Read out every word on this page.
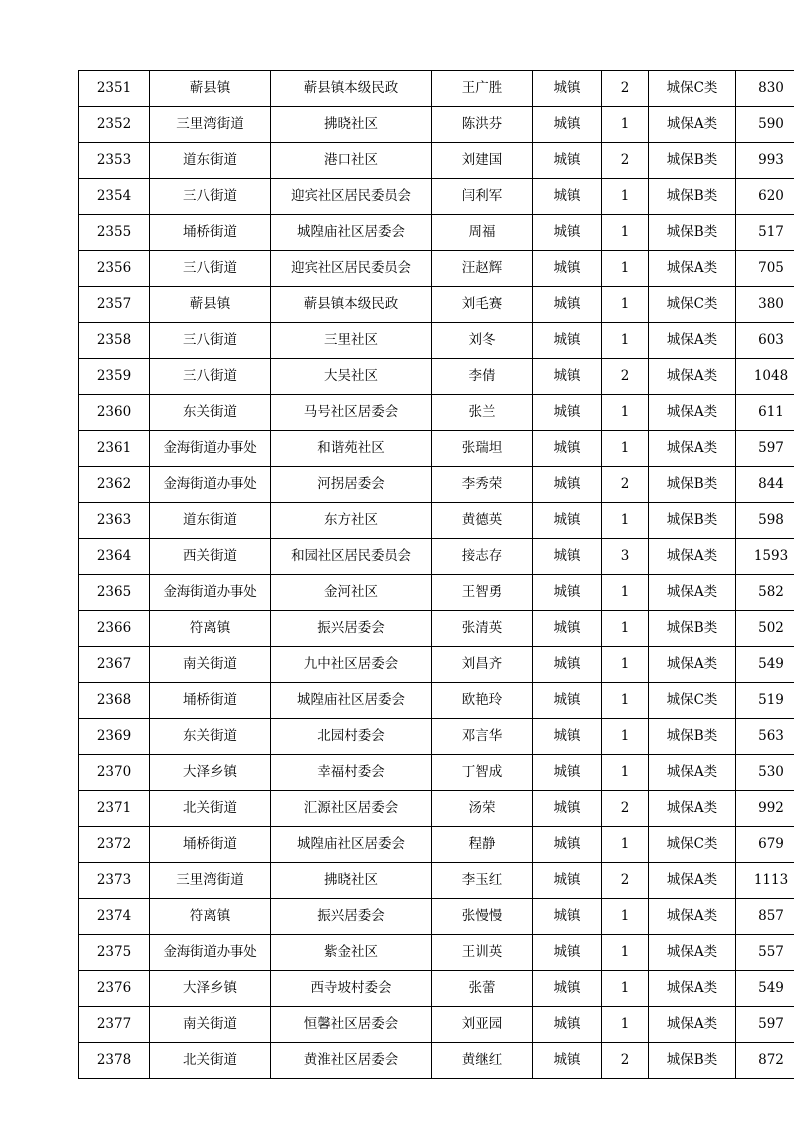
2351	蕲县镇	蕲县镇本级民政	王广胜	城镇	2	城保C类	830
2352	三里湾街道	拂晓社区	陈洪芬	城镇	1	城保A类	590
2353	道东街道	港口社区	刘建国	城镇	2	城保B类	993
2354	三八街道	迎宾社区居民委员会	闫利军	城镇	1	城保B类	620
2355	埇桥街道	城隍庙社区居委会	周福	城镇	1	城保B类	517
2356	三八街道	迎宾社区居民委员会	汪赵辉	城镇	1	城保A类	705
2357	蕲县镇	蕲县镇本级民政	刘毛赛	城镇	1	城保C类	380
2358	三八街道	三里社区	刘冬	城镇	1	城保A类	603
2359	三八街道	大吴社区	李倩	城镇	2	城保A类	1048
2360	东关街道	马号社区居委会	张兰	城镇	1	城保A类	611
2361	金海街道办事处	和谐苑社区	张瑞坦	城镇	1	城保A类	597
2362	金海街道办事处	河拐居委会	李秀荣	城镇	2	城保B类	844
2363	道东街道	东方社区	黄德英	城镇	1	城保B类	598
2364	西关街道	和园社区居民委员会	接志存	城镇	3	城保A类	1593
2365	金海街道办事处	金河社区	王智勇	城镇	1	城保A类	582
2366	符离镇	振兴居委会	张清英	城镇	1	城保B类	502
2367	南关街道	九中社区居委会	刘昌齐	城镇	1	城保A类	549
2368	埇桥街道	城隍庙社区居委会	欧艳玲	城镇	1	城保C类	519
2369	东关街道	北园村委会	邓言华	城镇	1	城保B类	563
2370	大泽乡镇	幸福村委会	丁智成	城镇	1	城保A类	530
2371	北关街道	汇源社区居委会	汤荣	城镇	2	城保A类	992
2372	埇桥街道	城隍庙社区居委会	程静	城镇	1	城保C类	679
2373	三里湾街道	拂晓社区	李玉红	城镇	2	城保A类	1113
2374	符离镇	振兴居委会	张慢慢	城镇	1	城保A类	857
2375	金海街道办事处	紫金社区	王训英	城镇	1	城保A类	557
2376	大泽乡镇	西寺坡村委会	张蕾	城镇	1	城保A类	549
2377	南关街道	恒馨社区居委会	刘亚园	城镇	1	城保A类	597
2378	北关街道	黄淮社区居委会	黄继红	城镇	2	城保B类	872
